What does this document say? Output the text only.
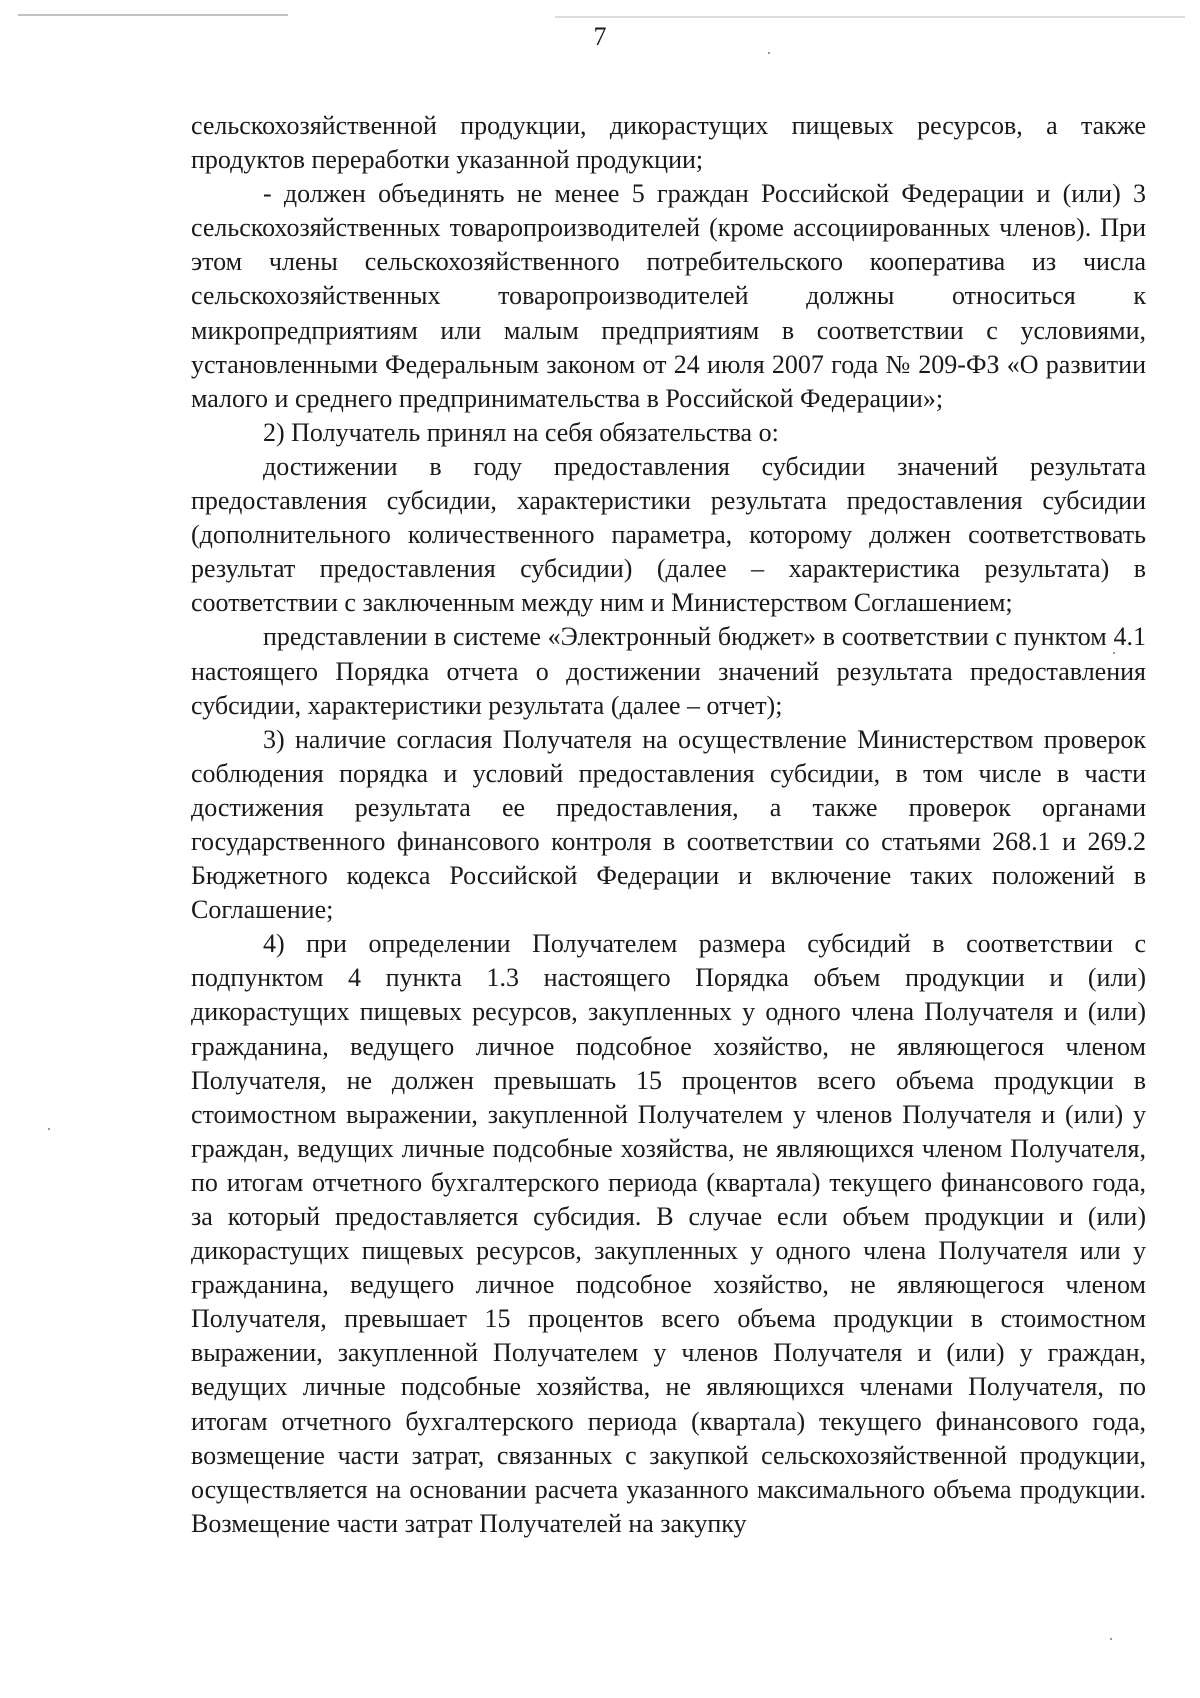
7

сельскохозяйственной продукции, дикорастущих пищевых ресурсов, а также продуктов переработки указанной продукции;

- должен объединять не менее 5 граждан Российской Федерации и (или) 3 сельскохозяйственных товаропроизводителей (кроме ассоциированных членов). При этом члены сельскохозяйственного потребительского кооператива из числа сельскохозяйственных товаропроизводителей должны относиться к микропредприятиям или малым предприятиям в соответствии с условиями, установленными Федеральным законом от 24 июля 2007 года № 209-ФЗ «О развитии малого и среднего предпринимательства в Российской Федерации»;

2) Получатель принял на себя обязательства о:

достижении в году предоставления субсидии значений результата предоставления субсидии, характеристики результата предоставления субсидии (дополнительного количественного параметра, которому должен соответствовать результат предоставления субсидии) (далее – характеристика результата) в соответствии с заключенным между ним и Министерством Соглашением;

представлении в системе «Электронный бюджет» в соответствии с пунктом 4.1 настоящего Порядка отчета о достижении значений результата предоставления субсидии, характеристики результата (далее – отчет);

3) наличие согласия Получателя на осуществление Министерством проверок соблюдения порядка и условий предоставления субсидии, в том числе в части достижения результата ее предоставления, а также проверок органами государственного финансового контроля в соответствии со статьями 268.1 и 269.2 Бюджетного кодекса Российской Федерации и включение таких положений в Соглашение;

4) при определении Получателем размера субсидий в соответствии с подпунктом 4 пункта 1.3 настоящего Порядка объем продукции и (или) дикорастущих пищевых ресурсов, закупленных у одного члена Получателя и (или) гражданина, ведущего личное подсобное хозяйство, не являющегося членом Получателя, не должен превышать 15 процентов всего объема продукции в стоимостном выражении, закупленной Получателем у членов Получателя и (или) у граждан, ведущих личные подсобные хозяйства, не являющихся членом Получателя, по итогам отчетного бухгалтерского периода (квартала) текущего финансового года, за который предоставляется субсидия. В случае если объем продукции и (или) дикорастущих пищевых ресурсов, закупленных у одного члена Получателя или у гражданина, ведущего личное подсобное хозяйство, не являющегося членом Получателя, превышает 15 процентов всего объема продукции в стоимостном выражении, закупленной Получателем у членов Получателя и (или) у граждан, ведущих личные подсобные хозяйства, не являющихся членами Получателя, по итогам отчетного бухгалтерского периода (квартала) текущего финансового года, возмещение части затрат, связанных с закупкой сельскохозяйственной продукции, осуществляется на основании расчета указанного максимального объема продукции. Возмещение части затрат Получателей на закупку
